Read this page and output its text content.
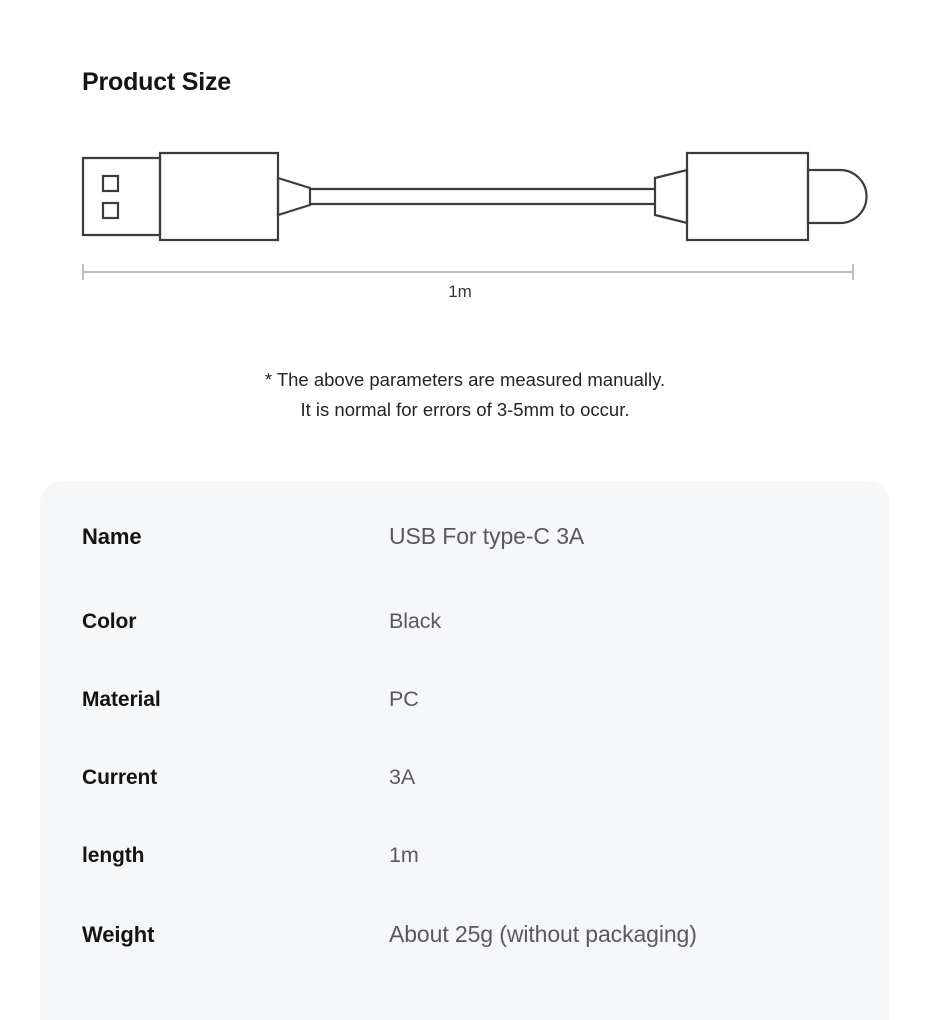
Product Size
1m
* The above parameters are measured manually.
It is normal for errors of 3-5mm to occur.
Name	USB For type-C 3A
Color	Black
Material	PC
Current	3A
length	1m
Weight	About 25g (without packaging)
